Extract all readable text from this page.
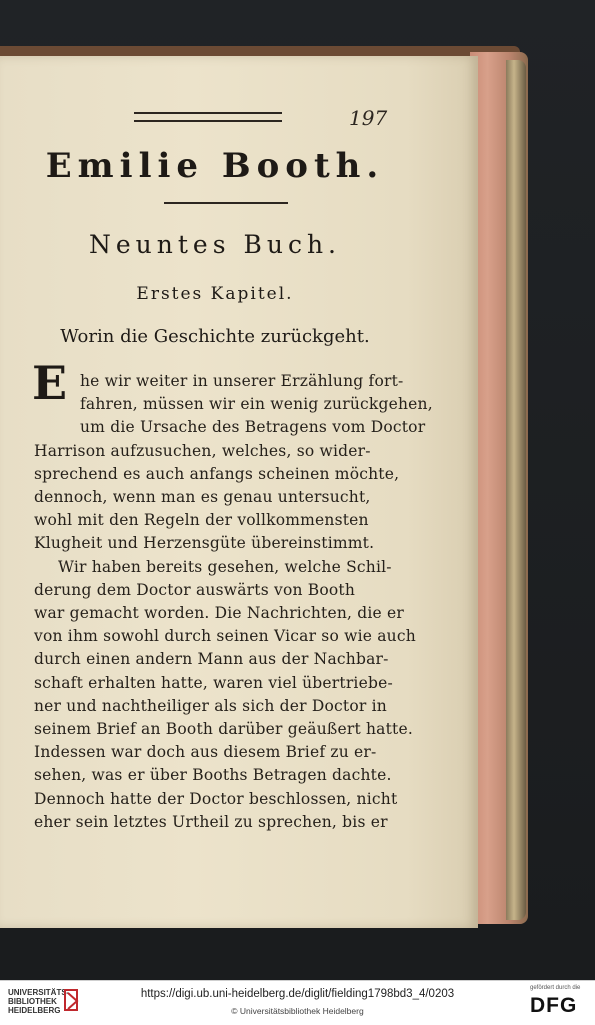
197
Emilie Booth.
Neuntes Buch.
Erstes Kapitel.
Worin die Geschichte zurückgeht.
E he wir weiter in unserer Erzählung fort-
fahren, müssen wir ein wenig zurückgehen,
um die Ursache des Betragens vom Doctor
Harrison aufzusuchen, welches, so wider-
sprechend es auch anfangs scheinen möchte,
dennoch, wenn man es genau untersucht,
wohl mit den Regeln der vollkommensten
Klugheit und Herzensgüte übereinstimmt.
Wir haben bereits gesehen, welche Schil-
derung dem Doctor auswärts von Booth
war gemacht worden. Die Nachrichten, die er
von ihm sowohl durch seinen Vicar so wie auch
durch einen andern Mann aus der Nachbar-
schaft erhalten hatte, waren viel übertriebe-
ner und nachtheiliger als sich der Doctor in
seinem Brief an Booth darüber geäußert hatte.
Indessen war doch aus diesem Brief zu er-
sehen, was er über Booths Betragen dachte.
Dennoch hatte der Doctor beschlossen, nicht
eher sein letztes Urtheil zu sprechen, bis er
UNIVERSITÄTS-
BIBLIOTHEK
HEIDELBERG
https://digi.ub.uni-heidelberg.de/diglit/fielding1798bd3_4/0203
© Universitätsbibliothek Heidelberg
gefördert durch die
DFG
